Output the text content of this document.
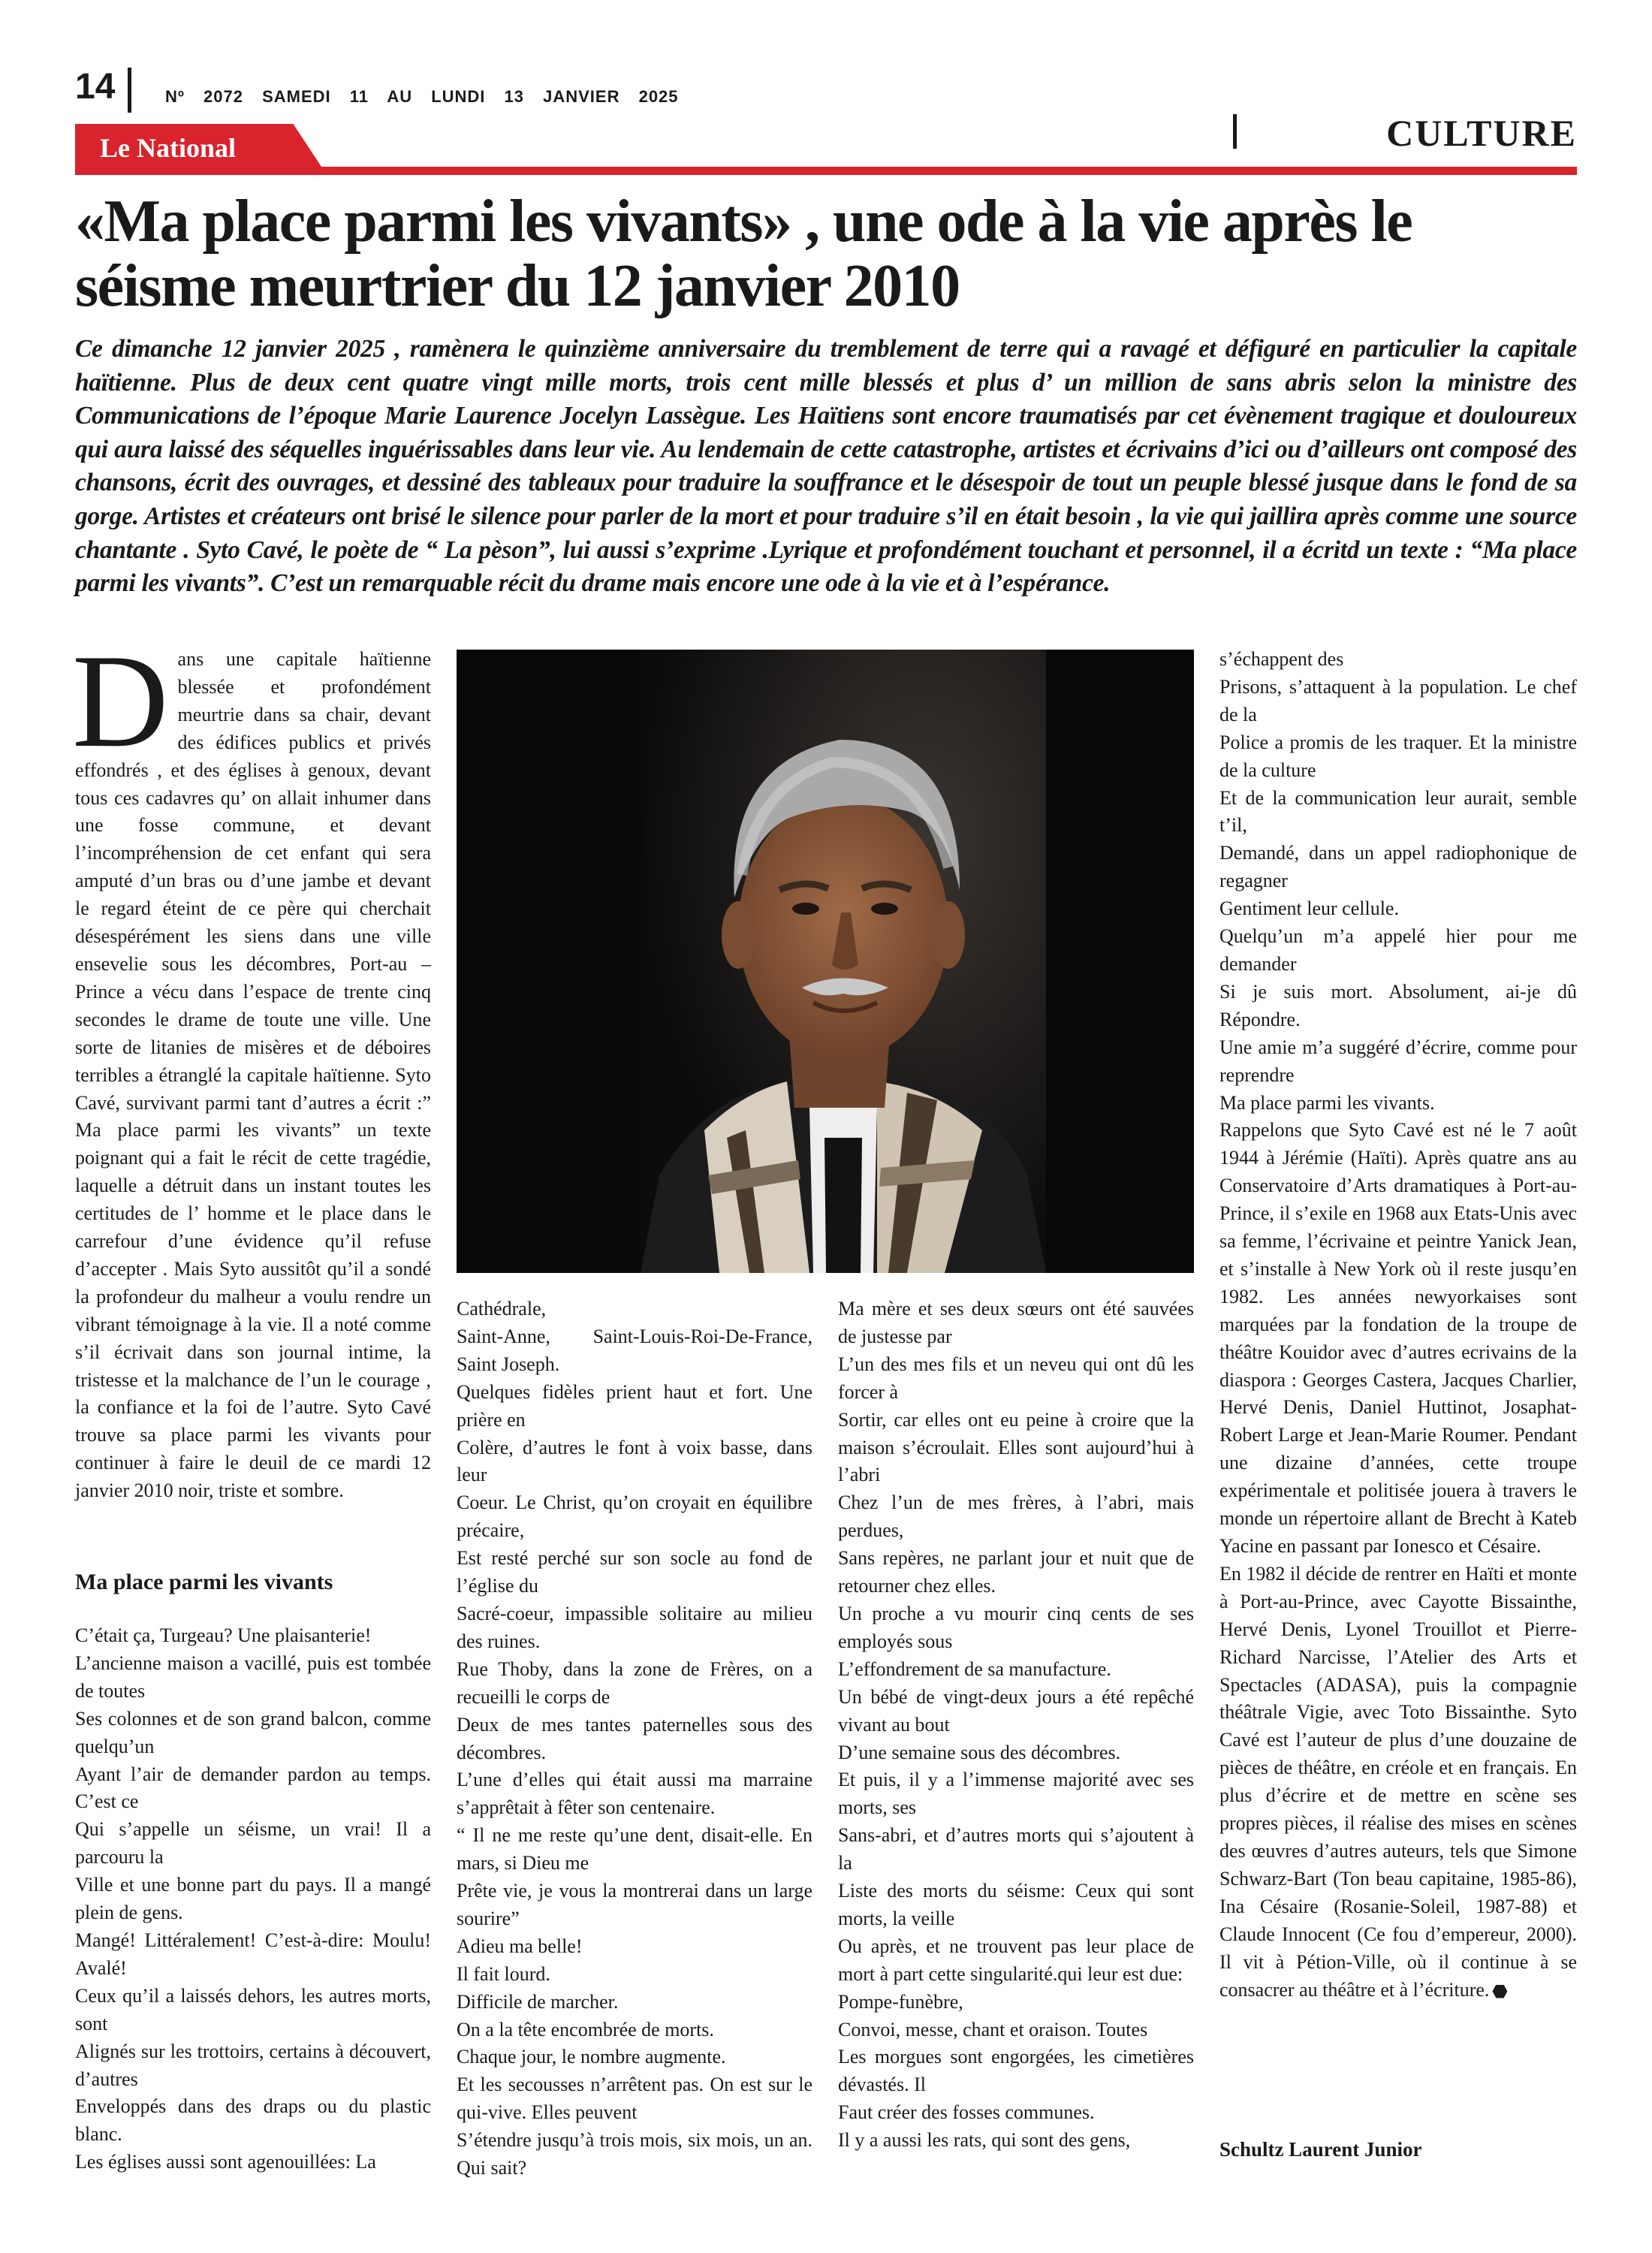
14	Nº 2072 SAMEDI 11 AU LUNDI 13 JANVIER 2025
Le National	CULTURE
«Ma place parmi les vivants» , une ode à la vie après le séisme meurtrier du 12 janvier 2010
Ce dimanche 12 janvier 2025 , ramènera le quinzième anniversaire du tremblement de terre qui a ravagé et défiguré en particulier la capitale haïtienne. Plus de deux cent quatre vingt mille morts, trois cent mille blessés et plus d’ un million de sans abris selon la ministre des Communications de l’époque Marie Laurence Jocelyn Lassègue. Les Haïtiens sont encore traumatisés par cet évènement tragique et douloureux qui aura laissé des séquelles inguérissables dans leur vie. Au lendemain de cette catastrophe, artistes et écrivains d’ici ou d’ailleurs ont composé des chansons, écrit des ouvrages, et dessiné des tableaux pour traduire la souffrance et le désespoir de tout un peuple blessé jusque dans le fond de sa gorge. Artistes et créateurs ont brisé le silence pour parler de la mort et pour traduire s’il en était besoin , la vie qui jaillira après comme une source chantante . Syto Cavé, le poète de “ La pèson”, lui aussi s’exprime .Lyrique et profondément touchant et personnel, il a écritd un texte : “Ma place parmi les vivants”. C’est un remarquable récit du drame mais encore une ode à la vie et à l’espérance.
Dans une capitale haïtienne blessée et profondément meurtrie dans sa chair, devant des édifices publics et privés effondrés , et des églises à genoux, devant tous ces cadavres qu’ on allait inhumer dans une fosse commune, et devant l’incompréhension de cet enfant qui sera amputé d’un bras ou d’une jambe et devant le regard éteint de ce père qui cherchait désespérément les siens dans une ville ensevelie sous les décombres, Port-au – Prince a vécu dans l’espace de trente cinq secondes le drame de toute une ville. Une sorte de litanies de misères et de déboires terribles a étranglé la capitale haïtienne. Syto Cavé, survivant parmi tant d’autres a écrit :” Ma place parmi les vivants” un texte poignant qui a fait le récit de cette tragédie, laquelle a détruit dans un instant toutes les certitudes de l’ homme et le place dans le carrefour d’une évidence qu’il refuse d’accepter . Mais Syto aussitôt qu’il a sondé la profondeur du malheur a voulu rendre un vibrant témoignage à la vie. Il a noté comme s’il écrivait dans son journal intime, la tristesse et la malchance de l’un le courage , la confiance et la foi de l’autre. Syto Cavé trouve sa place parmi les vivants pour continuer à faire le deuil de ce mardi 12 janvier 2010 noir, triste et sombre.
Ma place parmi les vivants

C’était ça, Turgeau? Une plaisanterie!

L’ancienne maison a vacillé, puis est tombée de toutes

Ses colonnes et de son grand balcon, comme quelqu’un

Ayant l’air de demander pardon au temps. C’est ce

Qui s’appelle un séisme, un vrai! Il a parcouru la

Ville et une bonne part du pays. Il a mangé plein de gens.

Mangé! Littéralement! C’est-à-dire: Moulu! Avalé!

Ceux qu’il a laissés dehors, les autres morts, sont

Alignés sur les trottoirs, certains à découvert, d’autres

Enveloppés dans des draps ou du plastic blanc.

Les églises aussi sont agenouillées: La

Cathédrale,

Saint-Anne, Saint-Louis-Roi-De-France, Saint Joseph.

Quelques fidèles prient haut et fort. Une prière en

Colère, d’autres le font à voix basse, dans leur

Coeur. Le Christ, qu’on croyait en équilibre précaire,

Est resté perché sur son socle au fond de l’église du

Sacré-coeur, impassible solitaire au milieu des ruines.

Rue Thoby, dans la zone de Frères, on a recueilli le corps de

Deux de mes tantes paternelles sous des décombres.

L’une d’elles qui était aussi ma marraine s’apprêtait à fêter son centenaire.

“ Il ne me reste qu’une dent, disait-elle. En mars, si Dieu me

Prête vie, je vous la montrerai dans un large sourire”

Adieu ma belle!

Il fait lourd.

Difficile de marcher.

On a la tête encombrée de morts.

Chaque jour, le nombre augmente.

Et les secousses n’arrêtent pas. On est sur le qui-vive. Elles peuvent

S’étendre jusqu’à trois mois, six mois, un an. Qui sait?

Ma mère et ses deux sœurs ont été sauvées de justesse par

L’un des mes fils et un neveu qui ont dû les forcer à

Sortir, car elles ont eu peine à croire que la maison s’écroulait. Elles sont aujourd’hui à l’abri

Chez l’un de mes frères, à l’abri, mais perdues,

Sans repères, ne parlant jour et nuit que de retourner chez elles.

Un proche a vu mourir cinq cents de ses employés sous

L’effondrement de sa manufacture.

Un bébé de vingt-deux jours a été repêché vivant au bout

D’une semaine sous des décombres.

Et puis, il y a l’immense majorité avec ses morts, ses

Sans-abri, et d’autres morts qui s’ajoutent à la

Liste des morts du séisme: Ceux qui sont morts, la veille

Ou après, et ne trouvent pas leur place de mort à part cette singularité.qui leur est due:

Pompe-funèbre,

Convoi, messe, chant et oraison. Toutes

Les morgues sont engorgées, les cimetières dévastés. Il

Faut créer des fosses communes.

Il y a aussi les rats, qui sont des gens,

s’échappent des

Prisons, s’attaquent à la population. Le chef de la

Police a promis de les traquer. Et la ministre de la culture

Et de la communication leur aurait, semble t’il,

Demandé, dans un appel radiophonique de regagner

Gentiment leur cellule.

Quelqu’un m’a appelé hier pour me demander

Si je suis mort. Absolument, ai-je dû Répondre.

Une amie m’a suggéré d’écrire, comme pour reprendre

Ma place parmi les vivants.

Rappelons que Syto Cavé est né le 7 août 1944 à Jérémie (Haïti). Après quatre ans au Conservatoire d’Arts dramatiques à Port-au-Prince, il s’exile en 1968 aux Etats-Unis avec sa femme, l’écrivaine et peintre Yanick Jean, et s’installe à New York où il reste jusqu’en 1982. Les années newyorkaises sont marquées par la fondation de la troupe de théâtre Kouidor avec d’autres ecrivains de la diaspora : Georges Castera, Jacques Charlier, Hervé Denis, Daniel Huttinot, Josaphat-Robert Large et Jean-Marie Roumer. Pendant une dizaine d’années, cette troupe expérimentale et politisée jouera à travers le monde un répertoire allant de Brecht à Kateb Yacine en passant par Ionesco et Césaire.

En 1982 il décide de rentrer en Haïti et monte à Port-au-Prince, avec Cayotte Bissainthe, Hervé Denis, Lyonel Trouillot et Pierre-Richard Narcisse, l’Atelier des Arts et Spectacles (ADASA), puis la compagnie théâtrale Vigie, avec Toto Bissainthe. Syto Cavé est l’auteur de plus d’une douzaine de pièces de théâtre, en créole et en français. En plus d’écrire et de mettre en scène ses propres pièces, il réalise des mises en scènes des œuvres d’autres auteurs, tels que Simone Schwarz-Bart (Ton beau capitaine, 1985-86), Ina Césaire (Rosanie-Soleil, 1987-88) et Claude Innocent (Ce fou d’empereur, 2000). Il vit à Pétion-Ville, où il continue à se consacrer au théâtre et à l’écriture.

Schultz Laurent Junior
